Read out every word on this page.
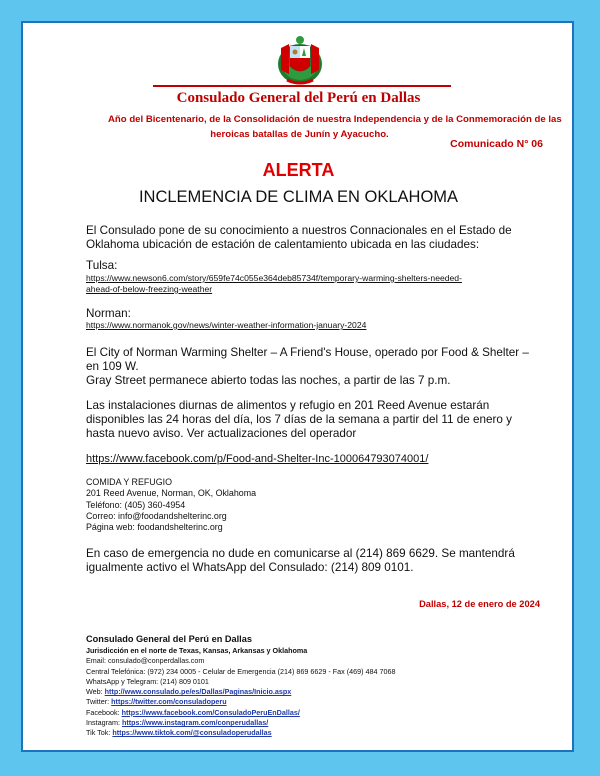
Consulado General del Perú en Dallas
Año del Bicentenario, de la Consolidación de nuestra Independencia y de la Conmemoración de las
heroicas batallas de Junín y Ayacucho.
Comunicado N° 06
ALERTA
INCLEMENCIA DE CLIMA EN OKLAHOMA
El Consulado pone de su conocimiento a nuestros Connacionales en el Estado de Oklahoma ubicación de estación de calentamiento ubicada en las ciudades:
Tulsa:
https://www.newson6.com/story/659fe74c055e364deb85734f/temporary-warming-shelters-needed-
ahead-of-below-freezing-weather
Norman:
https://www.normanok.gov/news/winter-weather-information-january-2024
El City of Norman Warming Shelter – A Friend's House, operado por Food & Shelter –
en 109 W.
Gray Street permanece abierto todas las noches, a partir de las 7 p.m.
Las instalaciones diurnas de alimentos y refugio en 201 Reed Avenue estarán disponibles las 24 horas del día, los 7 días de la semana a partir del 11 de enero y hasta nuevo aviso. Ver actualizaciones del operador
https://www.facebook.com/p/Food-and-Shelter-Inc-100064793074001/
COMIDA Y REFUGIO
201 Reed Avenue, Norman, OK, Oklahoma
Teléfono: (405) 360-4954
Correo: info@foodandshelterinc.org
Página web: foodandshelterinc.org
En caso de emergencia no dude en comunicarse al (214) 869 6629. Se mantendrá igualmente activo el WhatsApp del Consulado: (214) 809 0101.
Dallas, 12 de enero de 2024
Consulado General del Perú en Dallas
Jurisdicción en el norte de Texas, Kansas, Arkansas y Oklahoma
Email: consulado@conperdallas.com
Central Telefónica: (972) 234 0005 - Celular de Emergencia (214) 869 6629 - Fax (469) 484 7068
WhatsApp y Telegram: (214) 809 0101
Web: http://www.consulado.pe/es/Dallas/Paginas/Inicio.aspx
Twitter: https://twitter.com/consuladoperu
Facebook: https://www.facebook.com/ConsuladoPeruEnDallas/
Instagram: https://www.instagram.com/conperudallas/
Tik Tok: https://www.tiktok.com/@consuladoperudallas
